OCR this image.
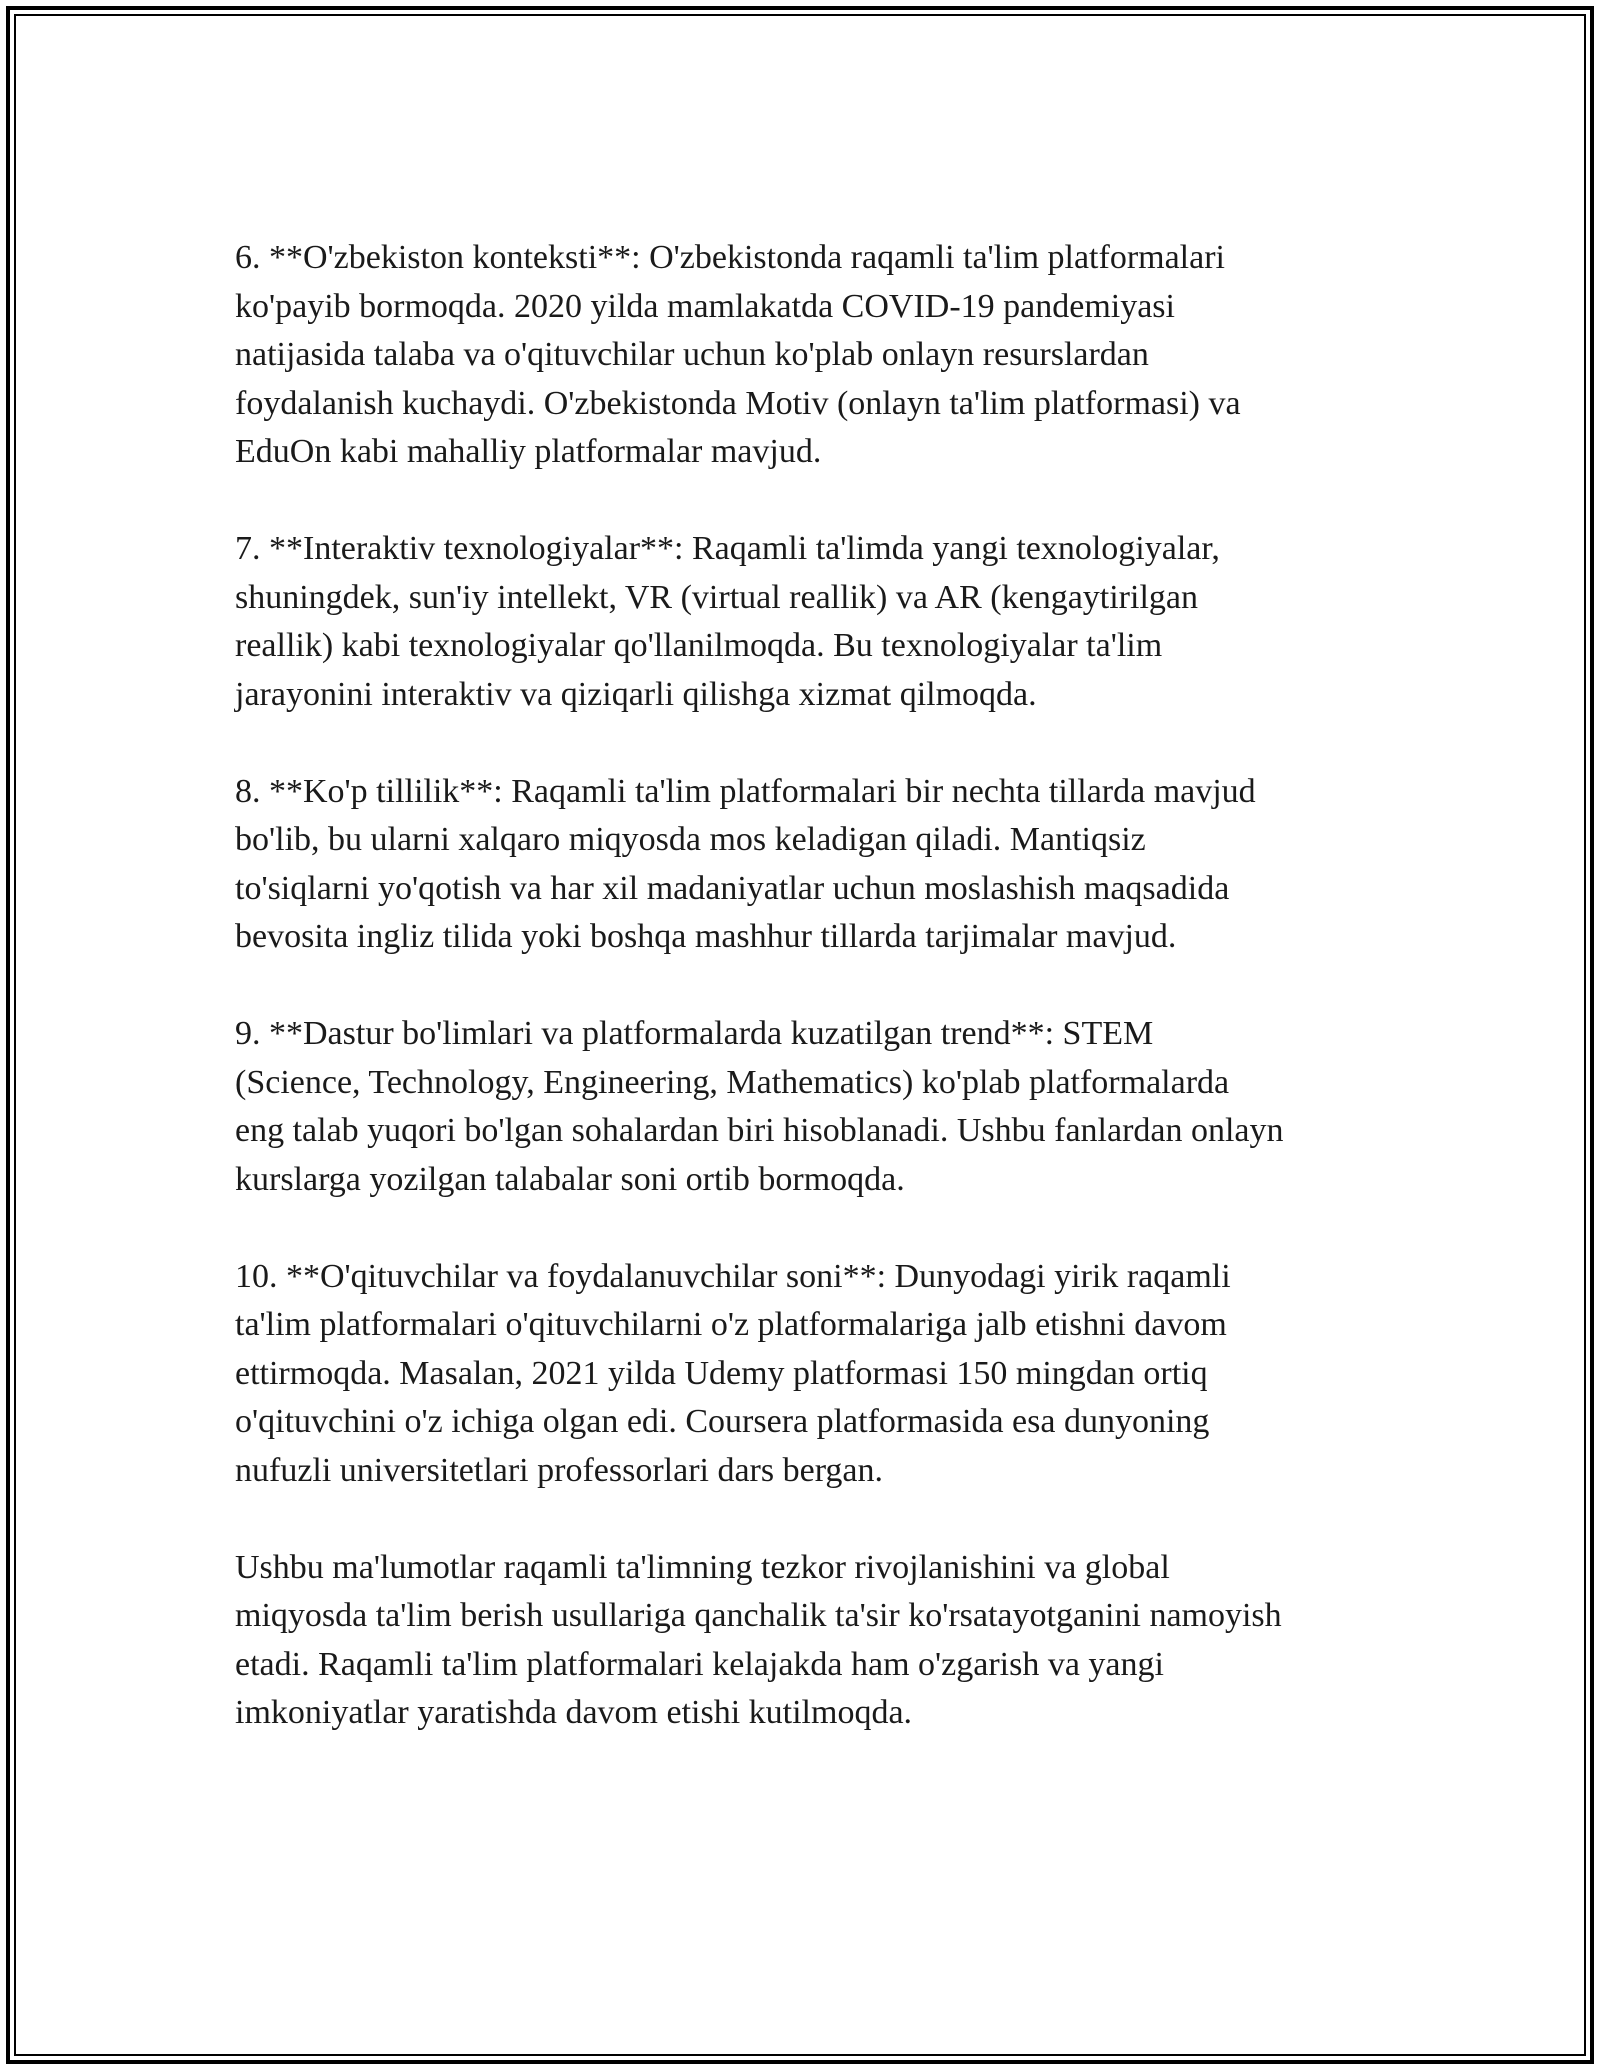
6. **O'zbekiston konteksti**: O'zbekistonda raqamli ta'lim platformalari
ko'payib bormoqda. 2020 yilda mamlakatda COVID-19 pandemiyasi
natijasida talaba va o'qituvchilar uchun ko'plab onlayn resurslardan
foydalanish kuchaydi. O'zbekistonda Motiv (onlayn ta'lim platformasi) va
EduOn kabi mahalliy platformalar mavjud.

7. **Interaktiv texnologiyalar**: Raqamli ta'limda yangi texnologiyalar,
shuningdek, sun'iy intellekt, VR (virtual reallik) va AR (kengaytirilgan
reallik) kabi texnologiyalar qo'llanilmoqda. Bu texnologiyalar ta'lim
jarayonini interaktiv va qiziqarli qilishga xizmat qilmoqda.

8. **Ko'p tillilik**: Raqamli ta'lim platformalari bir nechta tillarda mavjud
bo'lib, bu ularni xalqaro miqyosda mos keladigan qiladi. Mantiqsiz
to'siqlarni yo'qotish va har xil madaniyatlar uchun moslashish maqsadida
bevosita ingliz tilida yoki boshqa mashhur tillarda tarjimalar mavjud.

9. **Dastur bo'limlari va platformalarda kuzatilgan trend**: STEM
(Science, Technology, Engineering, Mathematics) ko'plab platformalarda
eng talab yuqori bo'lgan sohalardan biri hisoblanadi. Ushbu fanlardan onlayn
kurslarga yozilgan talabalar soni ortib bormoqda.

10. **O'qituvchilar va foydalanuvchilar soni**: Dunyodagi yirik raqamli
ta'lim platformalari o'qituvchilarni o'z platformalariga jalb etishni davom
ettirmoqda. Masalan, 2021 yilda Udemy platformasi 150 mingdan ortiq
o'qituvchini o'z ichiga olgan edi. Coursera platformasida esa dunyoning
nufuzli universitetlari professorlari dars bergan.

Ushbu ma'lumotlar raqamli ta'limning tezkor rivojlanishini va global
miqyosda ta'lim berish usullariga qanchalik ta'sir ko'rsatayotganini namoyish
etadi. Raqamli ta'lim platformalari kelajakda ham o'zgarish va yangi
imkoniyatlar yaratishda davom etishi kutilmoqda.
